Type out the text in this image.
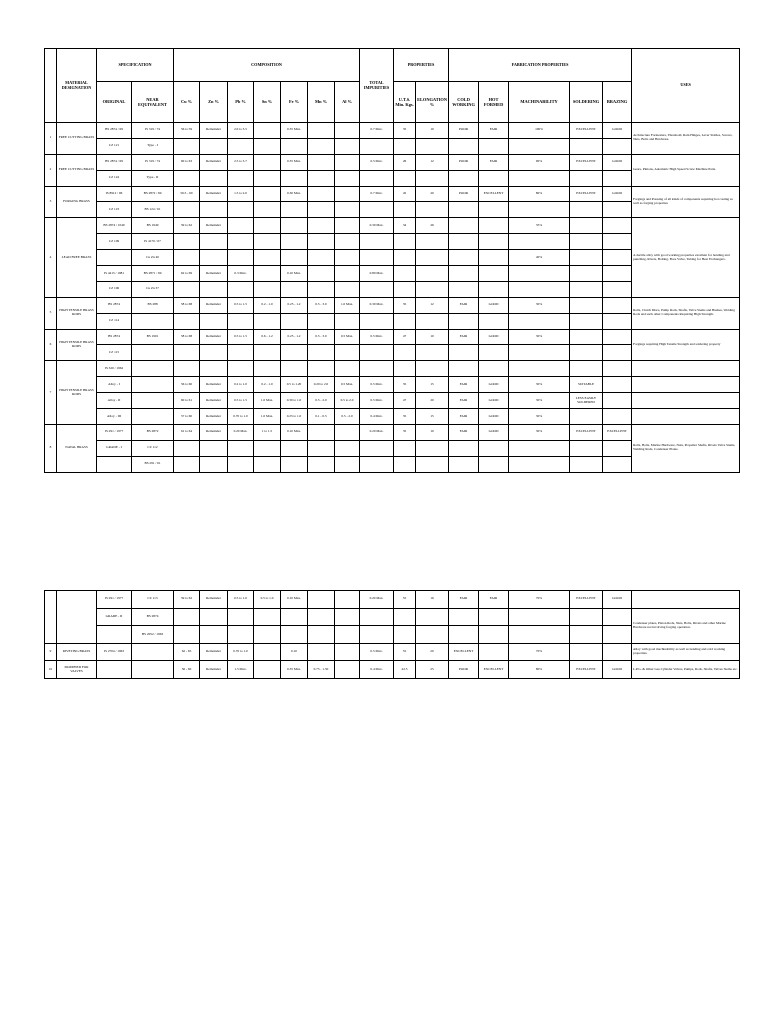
	MATERIAL DESIGNATION	SPECIFICATION		COMPOSITION							TOTAL IMPURITIES	PROPERTIES		FABRICATION PROPERTIES					USES
		ORIGINAL	NEAR EQUIVALENT	Cu %	Zn %	Pb %	Sn %	Fe %	Mn %	Al %		U.T.S. Min. Kgs.	ELONGATION %	COLD WORKING	HOT FORMED	MACHINABILITY	SOLDERING	BRAZING	
1	FREE CUTTING BRASS	BS 2874 / 69	IS 319 / 74	56 to 59	Remainder	2.0 to 3.5		0.35 Max.			0.7 Max.	35	10	POOR	FAIR	100%	EXCELLENT	GOOD	Architecture Fortnesters, Threshold, Rain Hinges, Lever Stables, Screws, Nuts, Bolts and Hardware.
		CZ 121	Type - I																
2	FREE CUTTING BRASS	BS 2874 / 69	IS 319 / 74	60 to 63	Remainder	2.5 to 3.7		0.35 Max.			0.5 Max.	26	12	POOR	FAIR	90%	EXCELLENT	GOOD	Gears, Pinions, Automatic High Speed Screw Machine Parts.
		CZ 124	Type - II																
3	FORGING BRASS	IS 8912 / 96	BS 2872 / 69	56.5 - 60	Remainder	1.5 to 2.0		0.30 Max.			0.7 Max.	45	20	POOR	EXCELLENT	80%	EXCELLENT	GOOD	Forgings and Pressing of all kinds of components requiring hot casting as well as forging properties
		CZ 123	BS 124 / 61																
4	LEAD FREE BRASS	BS 2874 / 1040	BS 1949	59 to 62	Remainder						0.30 Max.	34	26			35%			A ductile alloy with good working properties excellent for bending and punching, Rivets, Bolting, Bore Valve, Tubing for Heat Exchangers.
		CZ 109	IS 4170 / 67																
			Cu Zn 40													40%			
		IS 4413 / 1981	BS 2871 / 69	62 to 69	Remainder	0.3 Max.		0.10 Max.			0.80 Max.								
		CZ 106	Cu Zn 37																
5	HIGH TENSILE BRASS RODS	BS 2874	BS 288	58 to 68	Remainder	0.5 to 1.5	0.2 - 1.0	0.25 - 1.2	0.5 - 3.0	1.0 Max.	0.30 Max.	35	12	FAIR	GOOD	30%			Rolls, Clutch Discs, Pump Rods, Shafts, Valve Stems and Bushes, Welding Rods and such other Components Requiring High Strength.
		CZ 114																	
6	HIGH TENSILE BRASS RODS	BS 2874	BS 1901	58 to 68	Remainder	0.5 to 1.5	0.6 - 1.2	0.25 - 1.2	0.5 - 3.0	0.5 Max.	0.5 Max.	47	10	FAIR	GOOD	30%			Forgings requiring High Tensile Strength and soldering property
		CZ 115																	
7	HIGH TENSILE BRASS RODS	IS 320 / 1962																	
		Alloy - I		56 to 60	Remainder	0.2 to 1.0	0.2 - 1.0	0.5 to 1.20	0.20 to 2.0	0.5 Max.	0.5 Max.	35	15	FAIR	GOOD	30%	SUITABLE		
		Alloy - II		60 to 61	Remainder	0.5 to 1.5	1.0 Max.	0.30 to 1.0	0.5 - 2.0	0.5 to 2.0	0.5 Max.	47	20	FAIR	GOOD	30%	LESS EASILY SOLDERED		
		Alloy - III		57 to 60	Remainder	0.70 to 1.0	1.0 Max.	0.25 to 1.0	0.1 - 0.5	0.5 - 2.0	0.4 Max.	35	15	FAIR	GOOD	30%			
8	NAVAL BRASS	IS 291 / 1977	BS 2872	61 to 64	Remainder	0.20 Max.	1 to 1.5	0.10 Max.			0.20 Max.	35	10	FAIR	GOOD	30%	EXCELLENT	EXCELLENT	Rolls, Bolts, Marine Hardware, Nuts, Propeller Shafts, Rivets Valve Stems, Welding Rods, Condenser Plates.
		GRADE - I	CZ 112																
			BS 291 / 61																
		IS 291 / 1977	CZ 113	59 to 62	Remainder	0.5 to 1.0	0.5 to 1.0	0.10 Max.			0.20 Max.	35	16	FAIR	FAIR	70%	EXCELLENT	GOOD	
		GRADE - II	BS 2874																Condenser plates, Piston Rods, Nuts, Bolts, Rivets and other Marine Hardware not involving forging operation.
			BS 2052 / 1963																
9	RIVETING BRASS	IS 2704 / 1963		62 - 65	Remainder	0.70 to 1.0		0.10			0.5 Max.	35	20	EXCELLENT		70%			Alloy with good machinability as well as bending and cold working properties.
10	MODIFIED FOR VALVES			56 - 60	Remainder	1.5 Max.		0.35 Max.	0.75 - 1.50		0.4 Max.	42.5	25	POOR	EXCELLENT	80%	EXCELLENT	GOOD	L.P.G. & Other Gas Cylinder Valves, Pumps, Rods, Shafts, Valves Stems etc.
